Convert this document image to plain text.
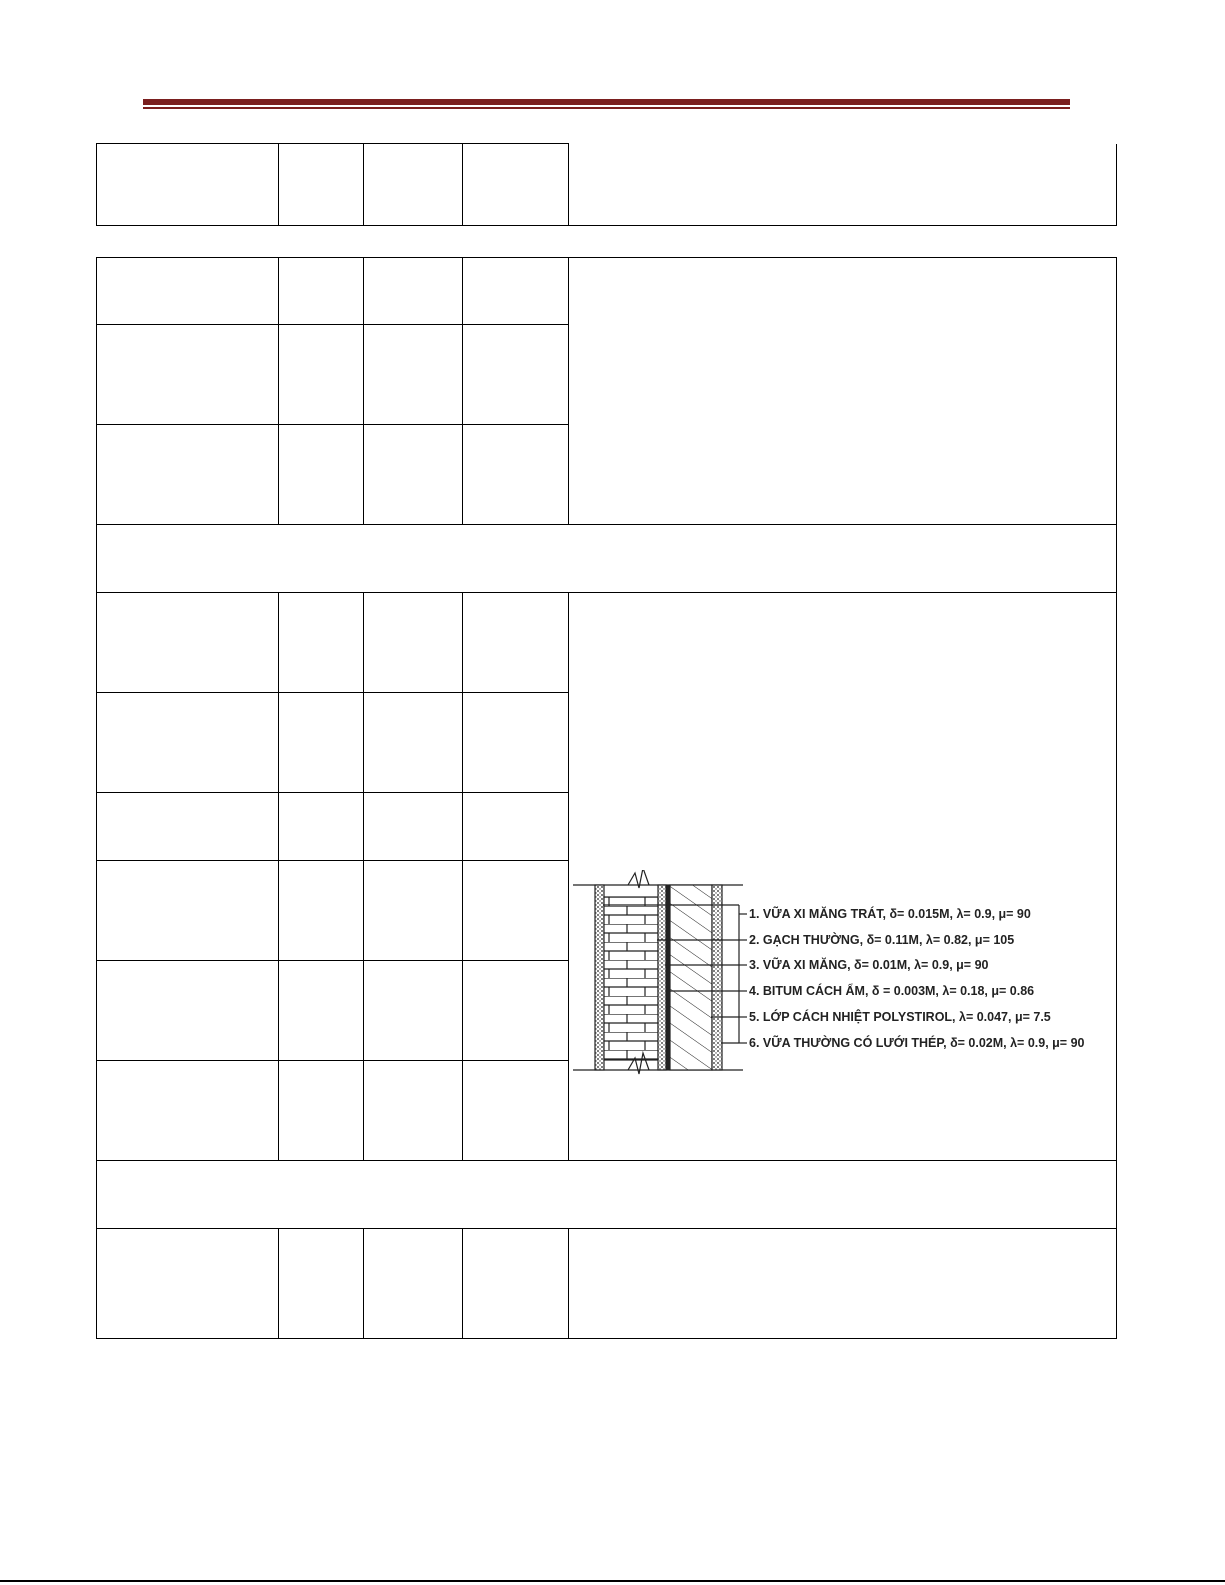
1. VỮA XI MĂNG TRÁT, δ= 0.015M, λ= 0.9, μ= 90
2. GẠCH THƯỜNG, δ= 0.11M, λ= 0.82, μ= 105
3. VỮA XI MĂNG, δ= 0.01M, λ= 0.9, μ= 90
4. BITUM CÁCH ẨM, δ = 0.003M, λ= 0.18, μ= 0.86
5. LỚP CÁCH NHIỆT POLYSTIROL, λ= 0.047, μ= 7.5
6. VỮA THƯỜNG CÓ LƯỚI THÉP, δ= 0.02M, λ= 0.9, μ= 90
